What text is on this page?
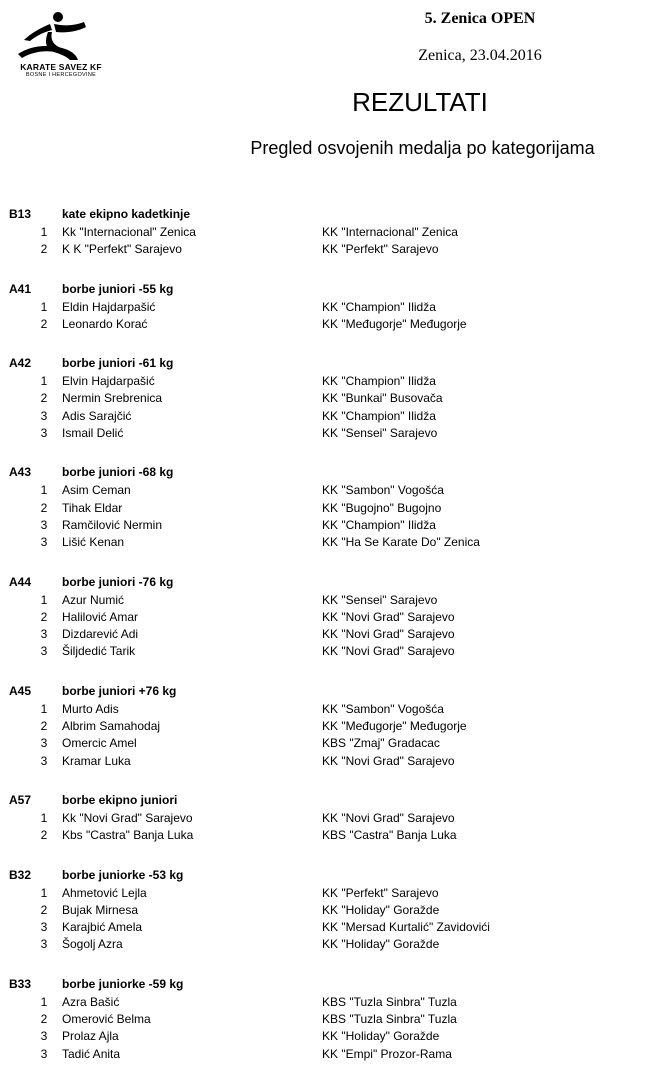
KARATE SAVEZ KF
BOSNE I HERCEGOVINE
5. Zenica OPEN
Zenica, 23.04.2016
REZULTATI
Pregled osvojenih medalja po kategorijama
B13	kate ekipno kadetkinje
1 Kk "Internacional" Zenica	KK "Internacional" Zenica
2 K K "Perfekt" Sarajevo	KK "Perfekt" Sarajevo
A41	borbe juniori -55 kg
1 Eldin Hajdarpašić	KK "Champion" Ilidža
2 Leonardo Korać	KK "Međugorje" Međugorje
A42	borbe juniori -61 kg
1 Elvin Hajdarpašić	KK "Champion" Ilidža
2 Nermin Srebrenica	KK "Bunkai" Busovača
3 Adis Sarajčić	KK "Champion" Ilidža
3 Ismail Delić	KK "Sensei" Sarajevo
A43	borbe juniori -68 kg
1 Asim Ceman	KK "Sambon" Vogošća
2 Tihak Eldar	KK "Bugojno" Bugojno
3 Ramčilović Nermin	KK "Champion" Ilidža
3 Lišić Kenan	KK "Ha Se Karate Do" Zenica
A44	borbe juniori -76 kg
1 Azur Numić	KK "Sensei" Sarajevo
2 Halilović Amar	KK "Novi Grad" Sarajevo
3 Dizdarević Adi	KK "Novi Grad" Sarajevo
3 Šiljdedić Tarik	KK "Novi Grad" Sarajevo
A45	borbe juniori +76 kg
1 Murto Adis	KK "Sambon" Vogošća
2 Albrim Samahodaj	KK "Međugorje" Međugorje
3 Omercic Amel	KBS "Zmaj" Gradacac
3 Kramar Luka	KK "Novi Grad" Sarajevo
A57	borbe ekipno juniori
1 Kk "Novi Grad" Sarajevo	KK "Novi Grad" Sarajevo
2 Kbs "Castra" Banja Luka	KBS "Castra" Banja Luka
B32	borbe juniorke -53 kg
1 Ahmetović Lejla	KK "Perfekt" Sarajevo
2 Bujak Mirnesa	KK "Holiday" Goražde
3 Karajbić Amela	KK "Mersad Kurtalić" Zavidovići
3 Šogolj Azra	KK "Holiday" Goražde
B33	borbe juniorke -59 kg
1 Azra Bašić	KBS "Tuzla Sinbra" Tuzla
2 Omerović Belma	KBS "Tuzla Sinbra" Tuzla
3 Prolaz Ajla	KK "Holiday" Goražde
3 Tadić Anita	KK "Empi" Prozor-Rama
